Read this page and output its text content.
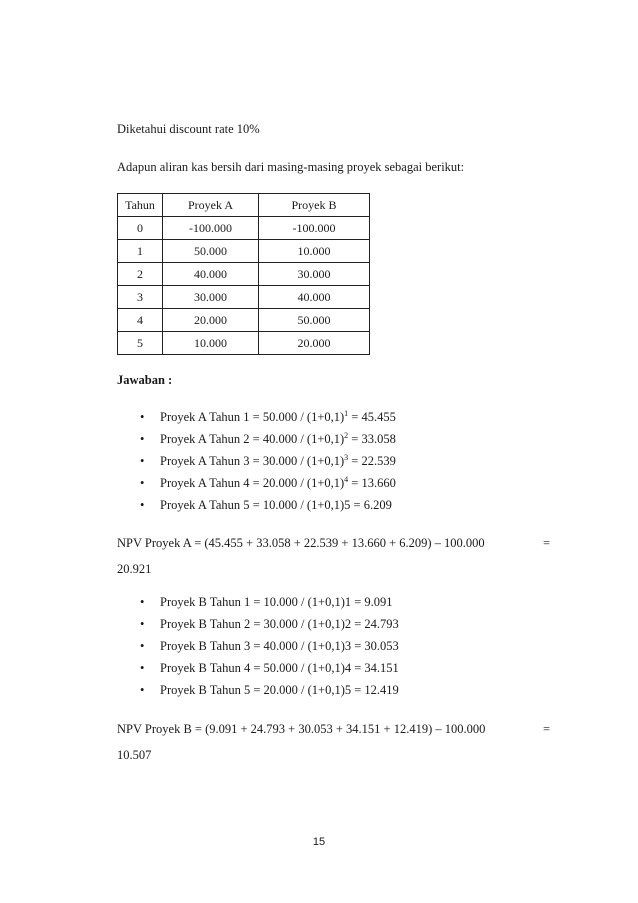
Diketahui discount rate 10%
Adapun aliran kas bersih dari masing-masing proyek sebagai berikut:
Tahun	Proyek A	Proyek B
0	-100.000	-100.000
1	50.000	10.000
2	40.000	30.000
3	30.000	40.000
4	20.000	50.000
5	10.000	20.000
Jawaban :
• Proyek A Tahun $1 = 50.000 / (1+0,1)^1 = 45.455$
• Proyek A Tahun $2 = 40.000 / (1+0,1)^2 = 33.058$
• Proyek A Tahun $3 = 30.000 / (1+0,1)^3 = 22.539$
• Proyek A Tahun $4 = 20.000 / (1+0,1)^4 = 13.660$
• Proyek A Tahun 5 = 10.000 / (1+0,1)5 = 6.209
NPV Proyek A = (45.455 + 33.058 + 22.539 + 13.660 + 6.209) – 100.000	=
20.921
• Proyek B Tahun 1 = 10.000 / (1+0,1)1 = 9.091
• Proyek B Tahun 2 = 30.000 / (1+0,1)2 = 24.793
• Proyek B Tahun 3 = 40.000 / (1+0,1)3 = 30.053
• Proyek B Tahun 4 = 50.000 / (1+0,1)4 = 34.151
• Proyek B Tahun 5 = 20.000 / (1+0,1)5 = 12.419
NPV Proyek B = (9.091 + 24.793 + 30.053 + 34.151 + 12.419) – 100.000	=
10.507
15
